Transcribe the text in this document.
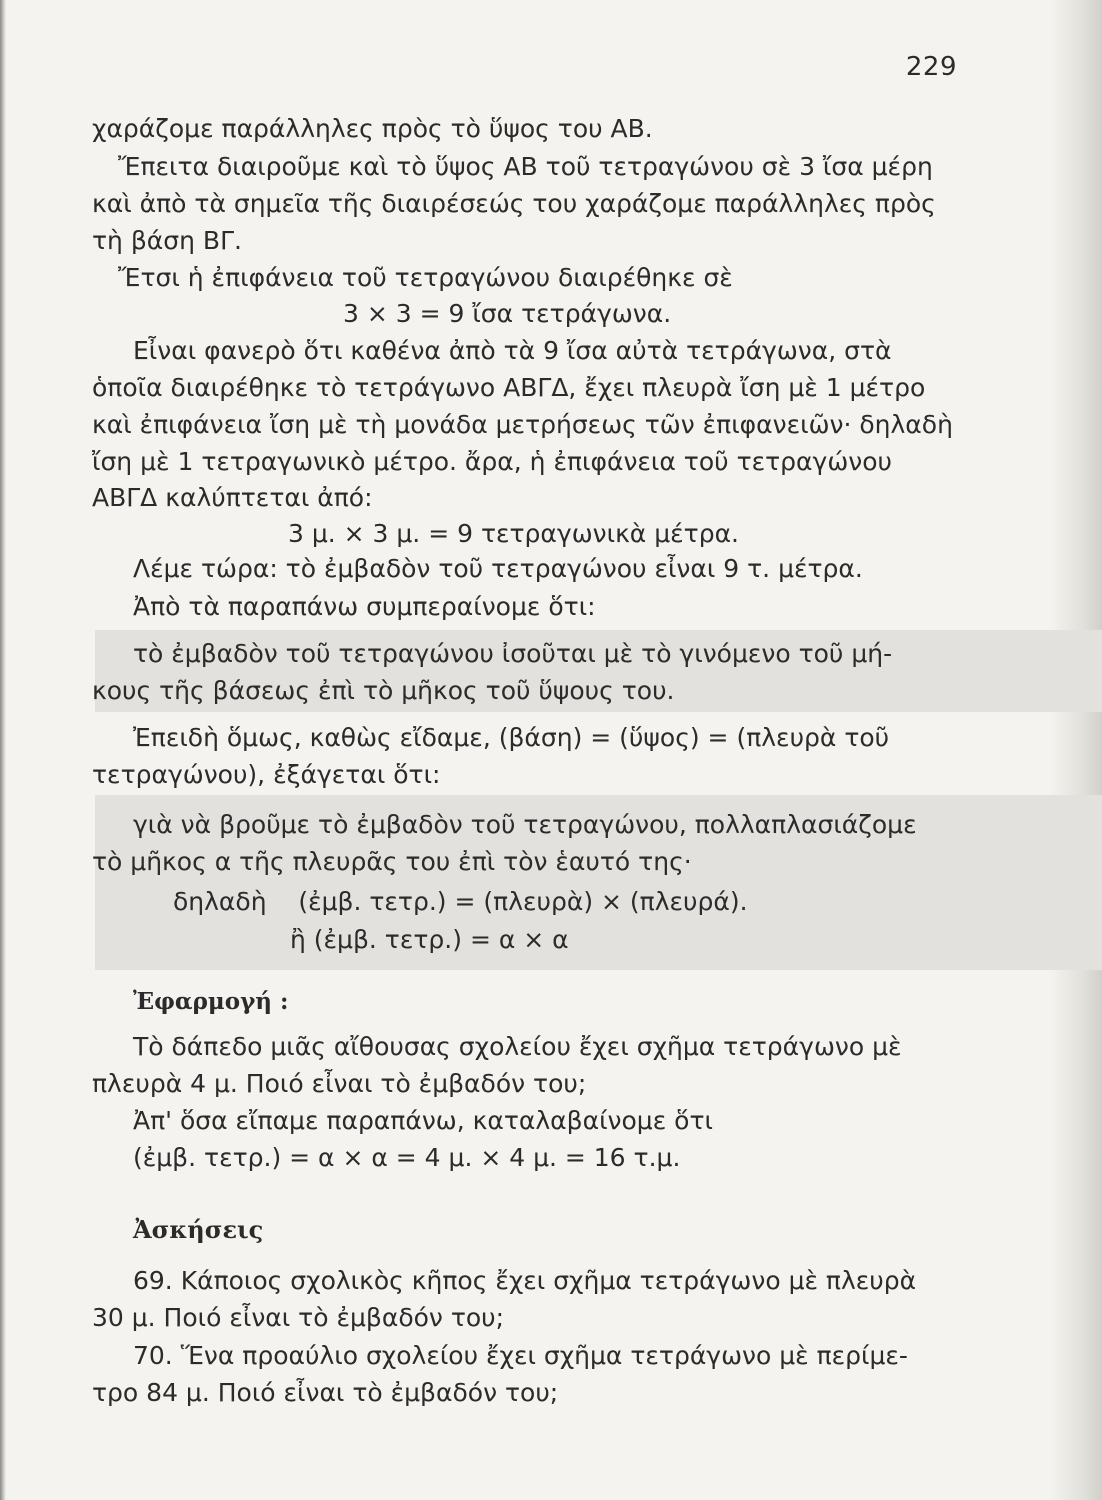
229
χαράζομε παράλληλες πρὸς τὸ ὕψος του ΑΒ.
Ἔπειτα διαιροῦμε καὶ τὸ ὕψος ΑΒ τοῦ τετραγώνου σὲ 3 ἴσα μέρη
καὶ ἀπὸ τὰ σημεῖα τῆς διαιρέσεώς του χαράζομε παράλληλες πρὸς
τὴ βάση ΒΓ.
Ἔτσι ἡ ἐπιφάνεια τοῦ τετραγώνου διαιρέθηκε σὲ
3 × 3 = 9 ἴσα τετράγωνα.
Εἶναι φανερὸ ὅτι καθένα ἀπὸ τὰ 9 ἴσα αὐτὰ τετράγωνα, στὰ
ὁποῖα διαιρέθηκε τὸ τετράγωνο ΑΒΓΔ, ἔχει πλευρὰ ἴση μὲ 1 μέτρο
καὶ ἐπιφάνεια ἴση μὲ τὴ μονάδα μετρήσεως τῶν ἐπιφανειῶν· δηλαδὴ
ἴση μὲ 1 τετραγωνικὸ μέτρο. ἄρα, ἡ ἐπιφάνεια τοῦ τετραγώνου
ΑΒΓΔ καλύπτεται ἀπό:
3 μ. × 3 μ. = 9 τετραγωνικὰ μέτρα.
Λέμε τώρα: τὸ ἐμβαδὸν τοῦ τετραγώνου εἶναι 9 τ. μέτρα.
Ἀπὸ τὰ παραπάνω συμπεραίνομε ὅτι:
τὸ ἐμβαδὸν τοῦ τετραγώνου ἰσοῦται μὲ τὸ γινόμενο τοῦ μή-
κους τῆς βάσεως ἐπὶ τὸ μῆκος τοῦ ὕψους του.
Ἐπειδὴ ὅμως, καθὼς εἴδαμε, (βάση) = (ὕψος) = (πλευρὰ τοῦ
τετραγώνου), ἐξάγεται ὅτι:
γιὰ νὰ βροῦμε τὸ ἐμβαδὸν τοῦ τετραγώνου, πολλαπλασιάζομε
τὸ μῆκος α τῆς πλευρᾶς του ἐπὶ τὸν ἑαυτό της·
δηλαδὴ    (ἐμβ. τετρ.) = (πλευρὰ) × (πλευρά).
ἢ (ἐμβ. τετρ.) = α × α
Ἐφαρμογή :
Τὸ δάπεδο μιᾶς αἴθουσας σχολείου ἔχει σχῆμα τετράγωνο μὲ
πλευρὰ 4 μ. Ποιό εἶναι τὸ ἐμβαδόν του;
Ἀπ' ὅσα εἴπαμε παραπάνω, καταλαβαίνομε ὅτι
(ἐμβ. τετρ.) = α × α = 4 μ. × 4 μ. = 16 τ.μ.
Ἀσκήσεις
69. Κάποιος σχολικὸς κῆπος ἔχει σχῆμα τετράγωνο μὲ πλευρὰ
30 μ. Ποιό εἶναι τὸ ἐμβαδόν του;
70. Ἕνα προαύλιο σχολείου ἔχει σχῆμα τετράγωνο μὲ περίμε-
τρο 84 μ. Ποιό εἶναι τὸ ἐμβαδόν του;
